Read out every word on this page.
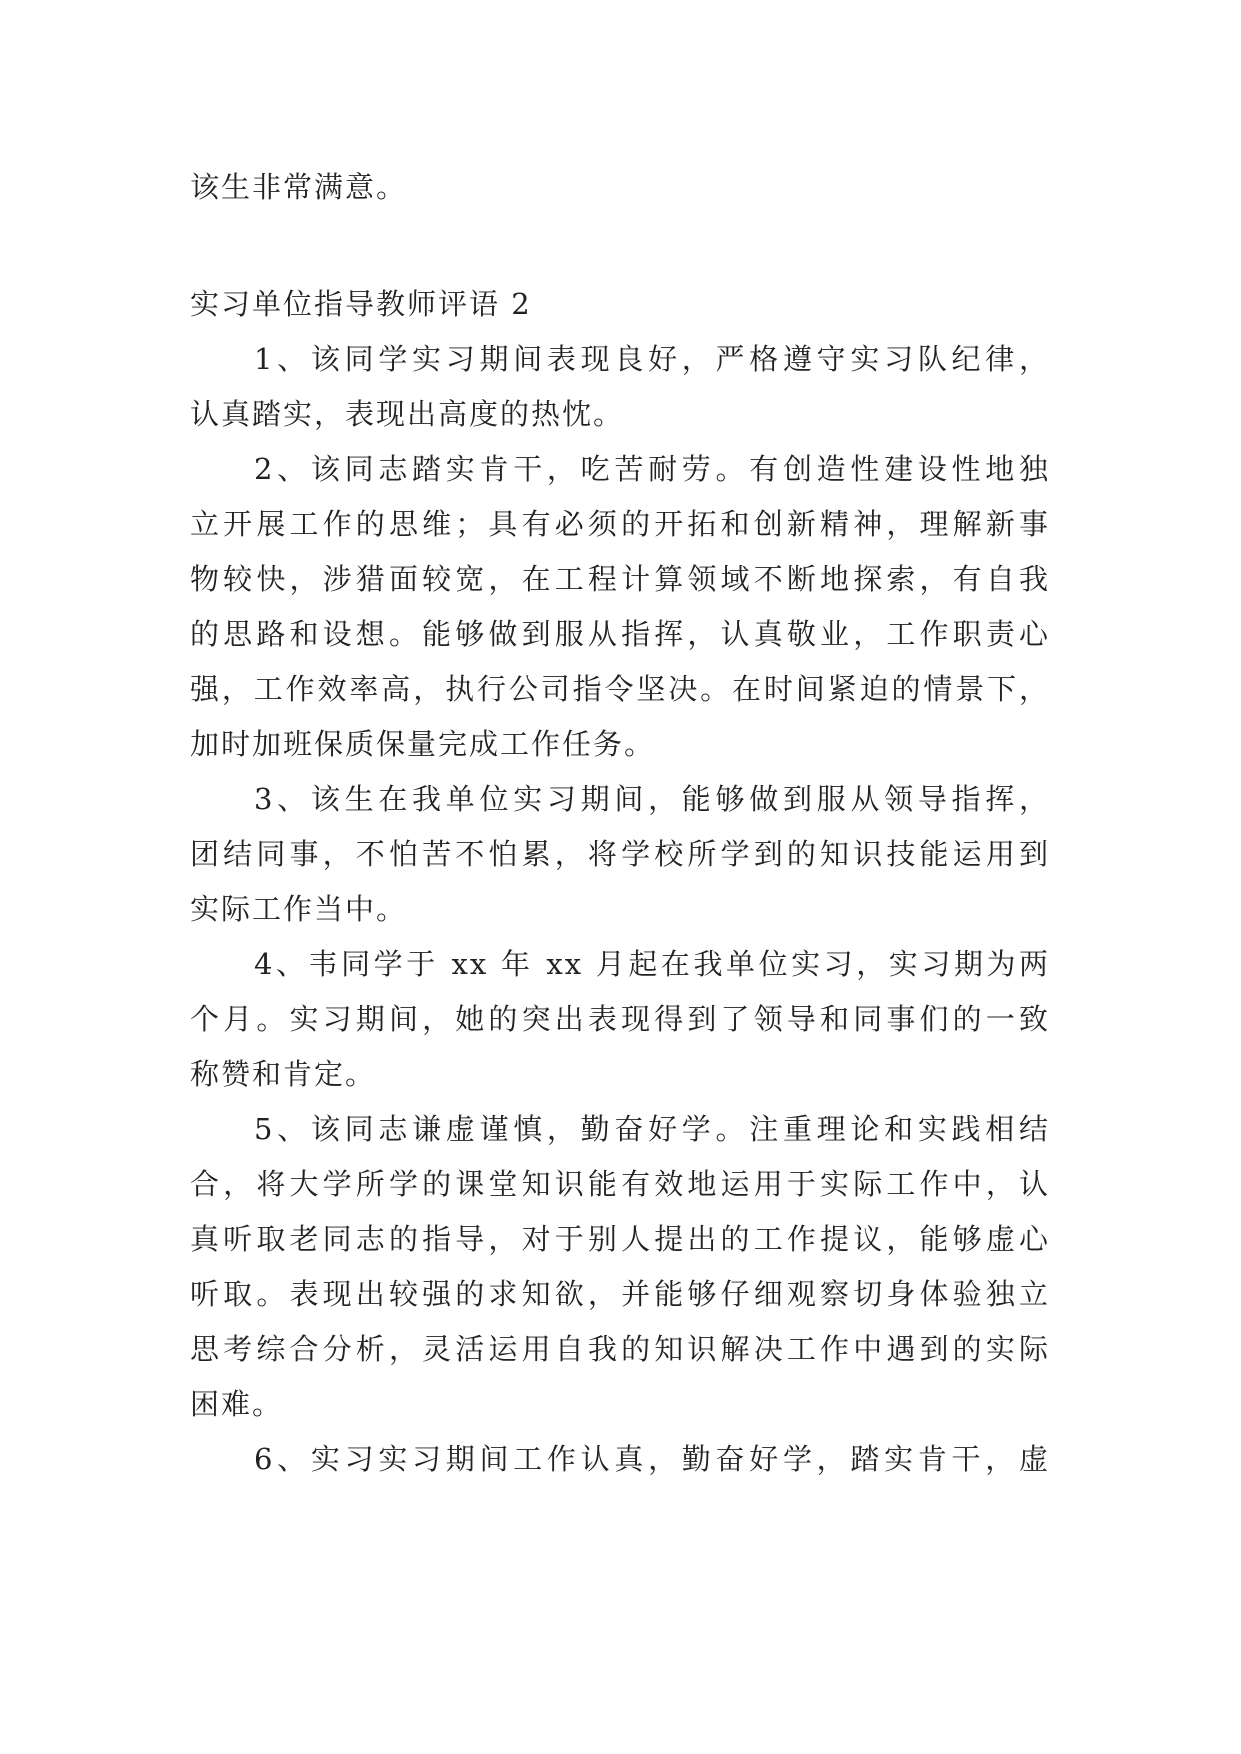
该生非常满意。
实习单位指导教师评语 2
1、该同学实习期间表现良好，严格遵守实习队纪律，
认真踏实，表现出高度的热忱。
2、该同志踏实肯干，吃苦耐劳。有创造性建设性地独
立开展工作的思维；具有必须的开拓和创新精神，理解新事
物较快，涉猎面较宽，在工程计算领域不断地探索，有自我
的思路和设想。能够做到服从指挥，认真敬业，工作职责心
强，工作效率高，执行公司指令坚决。在时间紧迫的情景下，
加时加班保质保量完成工作任务。
3、该生在我单位实习期间，能够做到服从领导指挥，
团结同事，不怕苦不怕累，将学校所学到的知识技能运用到
实际工作当中。
4、韦同学于 xx 年 xx 月起在我单位实习，实习期为两
个月。实习期间，她的突出表现得到了领导和同事们的一致
称赞和肯定。
5、该同志谦虚谨慎，勤奋好学。注重理论和实践相结
合，将大学所学的课堂知识能有效地运用于实际工作中，认
真听取老同志的指导，对于别人提出的工作提议，能够虚心
听取。表现出较强的求知欲，并能够仔细观察切身体验独立
思考综合分析，灵活运用自我的知识解决工作中遇到的实际
困难。
6、实习实习期间工作认真，勤奋好学，踏实肯干，虚
